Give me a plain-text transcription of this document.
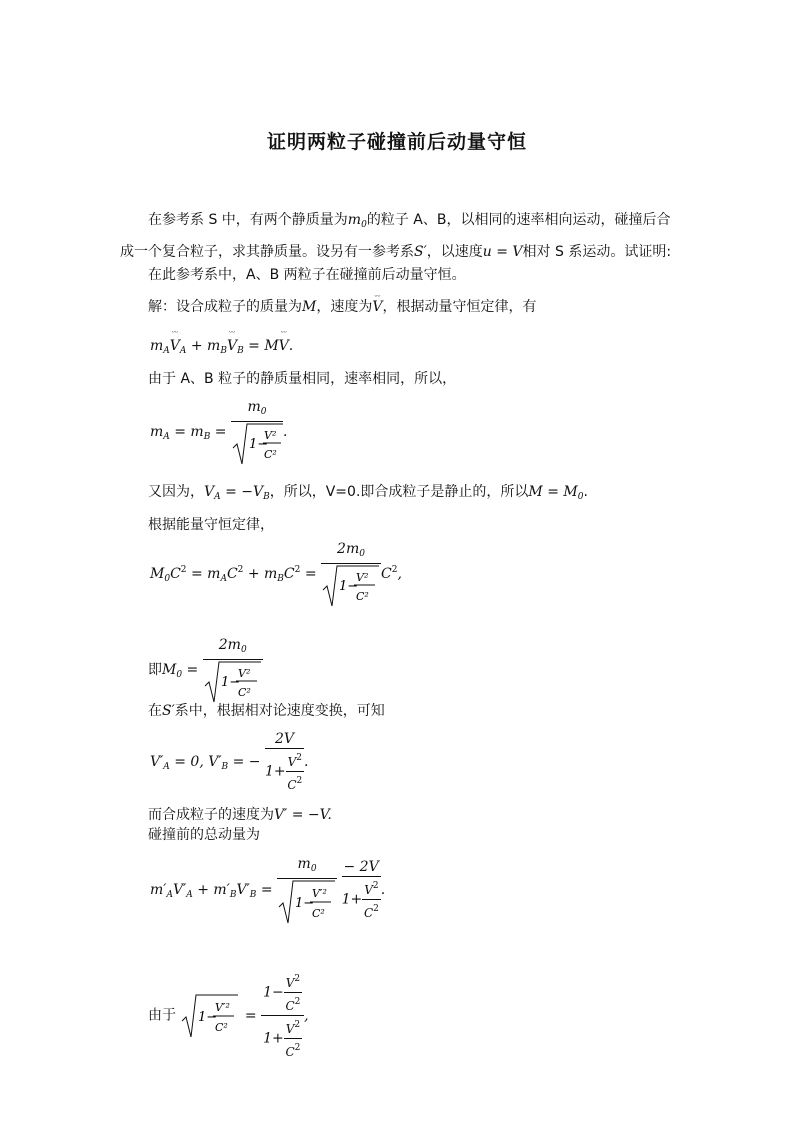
证明两粒子碰撞前后动量守恒
在参考系 S 中，有两个静质量为$m_0$的粒子 A、B，以相同的速率相向运动，碰撞后合
成一个复合粒子，求其静质量。设另有一参考系S′，以速度u = V相对 S 系运动。试证明:
在此参考系中，A、B 两粒子在碰撞前后动量守恒。
解：设合成粒子的质量为M，速度为ᵕᵕ V，根据动量守恒定律，有
$m_Aᵕᵕ$ $V_A$ + $m_Bᵕᵕ$ $V_B$ = Mᵕᵕ V.
由于 A、B 粒子的静质量相同，速率相同，所以，
$m_A = m_B = m_0$
1−
V²
C² .
又因为，$V_A = -V_B$，所以，V=0.即合成粒子是静止的，所以$M = M_0$.
根据能量守恒定律，
$M_0C^2 = m_AC^2 + m_BC^2 = 2m_0$
1−
V²
C² $C^2$,
即$M_0 = 2m_0$
1−
V²
C²
在S′系中，根据相对论速度变换，可知
$V'_A = 0$, $V'_B$ = − $\frac{2V}{1+ \frac{V^2}{C^2}}$ .
而合成粒子的速度为V′ = −V.
碰撞前的总动量为
$m'_AV'_A + m'_BV'_B = m_0$
1−
V′²
C²
$\frac{- 2V}{1+ \frac{V^2}{C^2}}$ .
由于 1−
V′²
C²
= $\frac{1- \frac{V^2}{C^2}}{1+ \frac{V^2}{C^2}}$ ,
